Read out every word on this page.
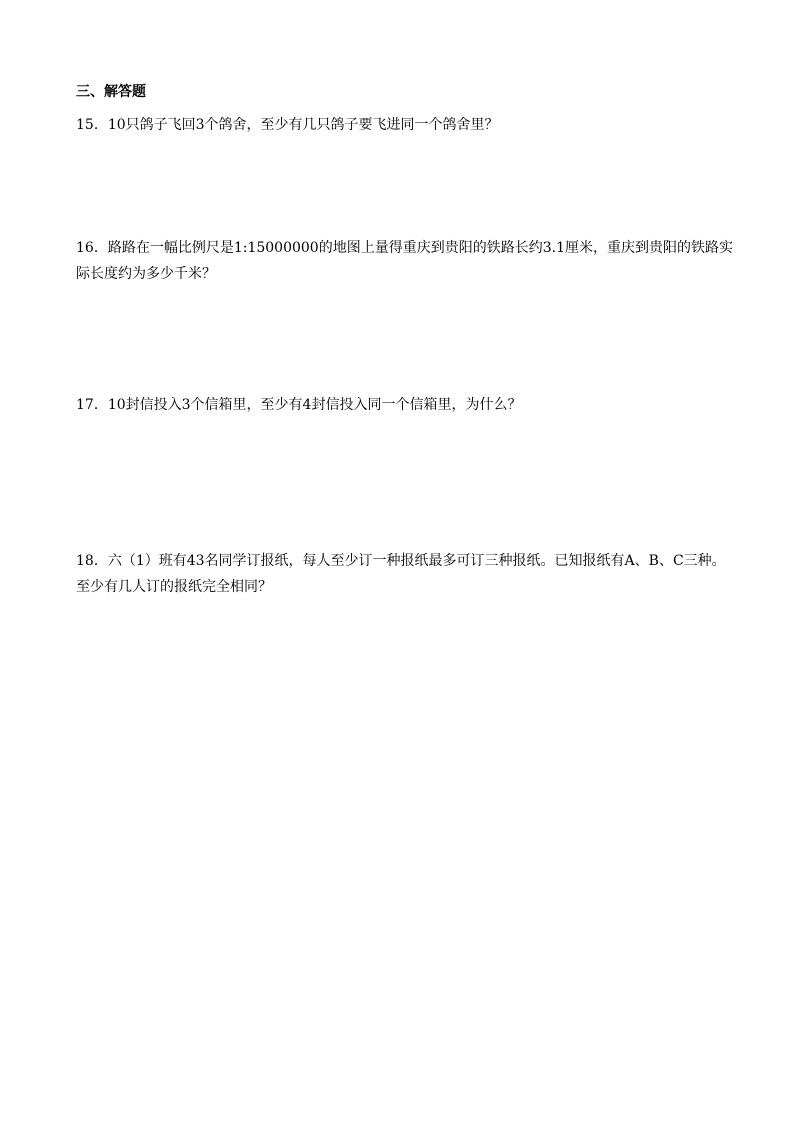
三、解答题
15．10只鸽子飞回3个鸽舍，至少有几只鸽子要飞进同一个鸽舍里？
16．路路在一幅比例尺是1:15000000的地图上量得重庆到贵阳的铁路长约3.1厘米，重庆到贵阳的铁路实
际长度约为多少千米？
17．10封信投入3个信箱里，至少有4封信投入同一个信箱里，为什么？
18．六（1）班有43名同学订报纸，每人至少订一种报纸最多可订三种报纸。已知报纸有A、B、C三种。
至少有几人订的报纸完全相同？
